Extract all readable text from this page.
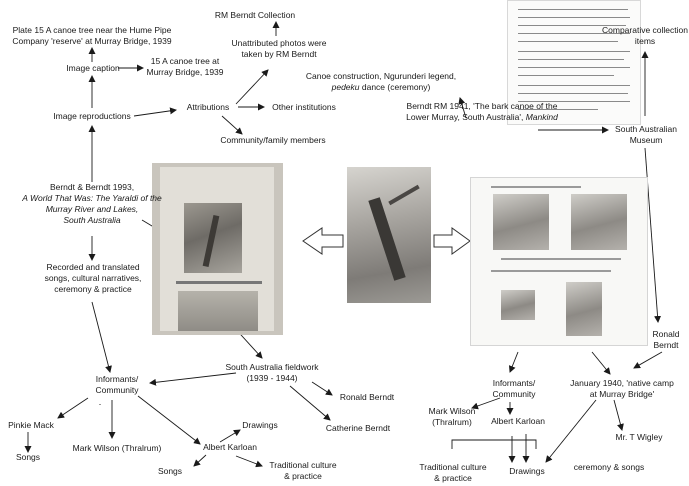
Plate 15 A canoe tree near the Hume Pipe
Company 'reserve' at Murray Bridge, 1939
RM Berndt Collection
Unattributed photos were
taken by RM Berndt
15 A canoe tree at
Murray Bridge, 1939
Image caption
Canoe construction, Ngurunderi legend,
pedeku dance (ceremony)
Attributions	Other institutions
Image reproductions
Community/family members
Comparative collection
items
Berndt RM 1941, 'The bark canoe of the
Lower Murray, South Australia', Mankind
South Australian
Museum
Berndt & Berndt 1993,
A World That Was: The Yaraldi of the
Murray River and Lakes,
South Australia
Recorded and translated
songs, cultural narratives,
ceremony & practice
Ronald
Berndt
South Australia fieldwork
(1939 - 1944)
Ronald Berndt
Catherine Berndt
Informants/
Community
Pinkie Mack
Songs
Mark Wilson (Thralrum)
Drawings
Albert Karloan
Songs
Traditional culture
& practice
Informants/
Community
Mark Wilson
(Thralrum)	Albert Karloan
Traditional culture
& practice
Drawings	ceremony & songs
January 1940, 'native camp
at Murray Bridge'
Mr. T Wigley
